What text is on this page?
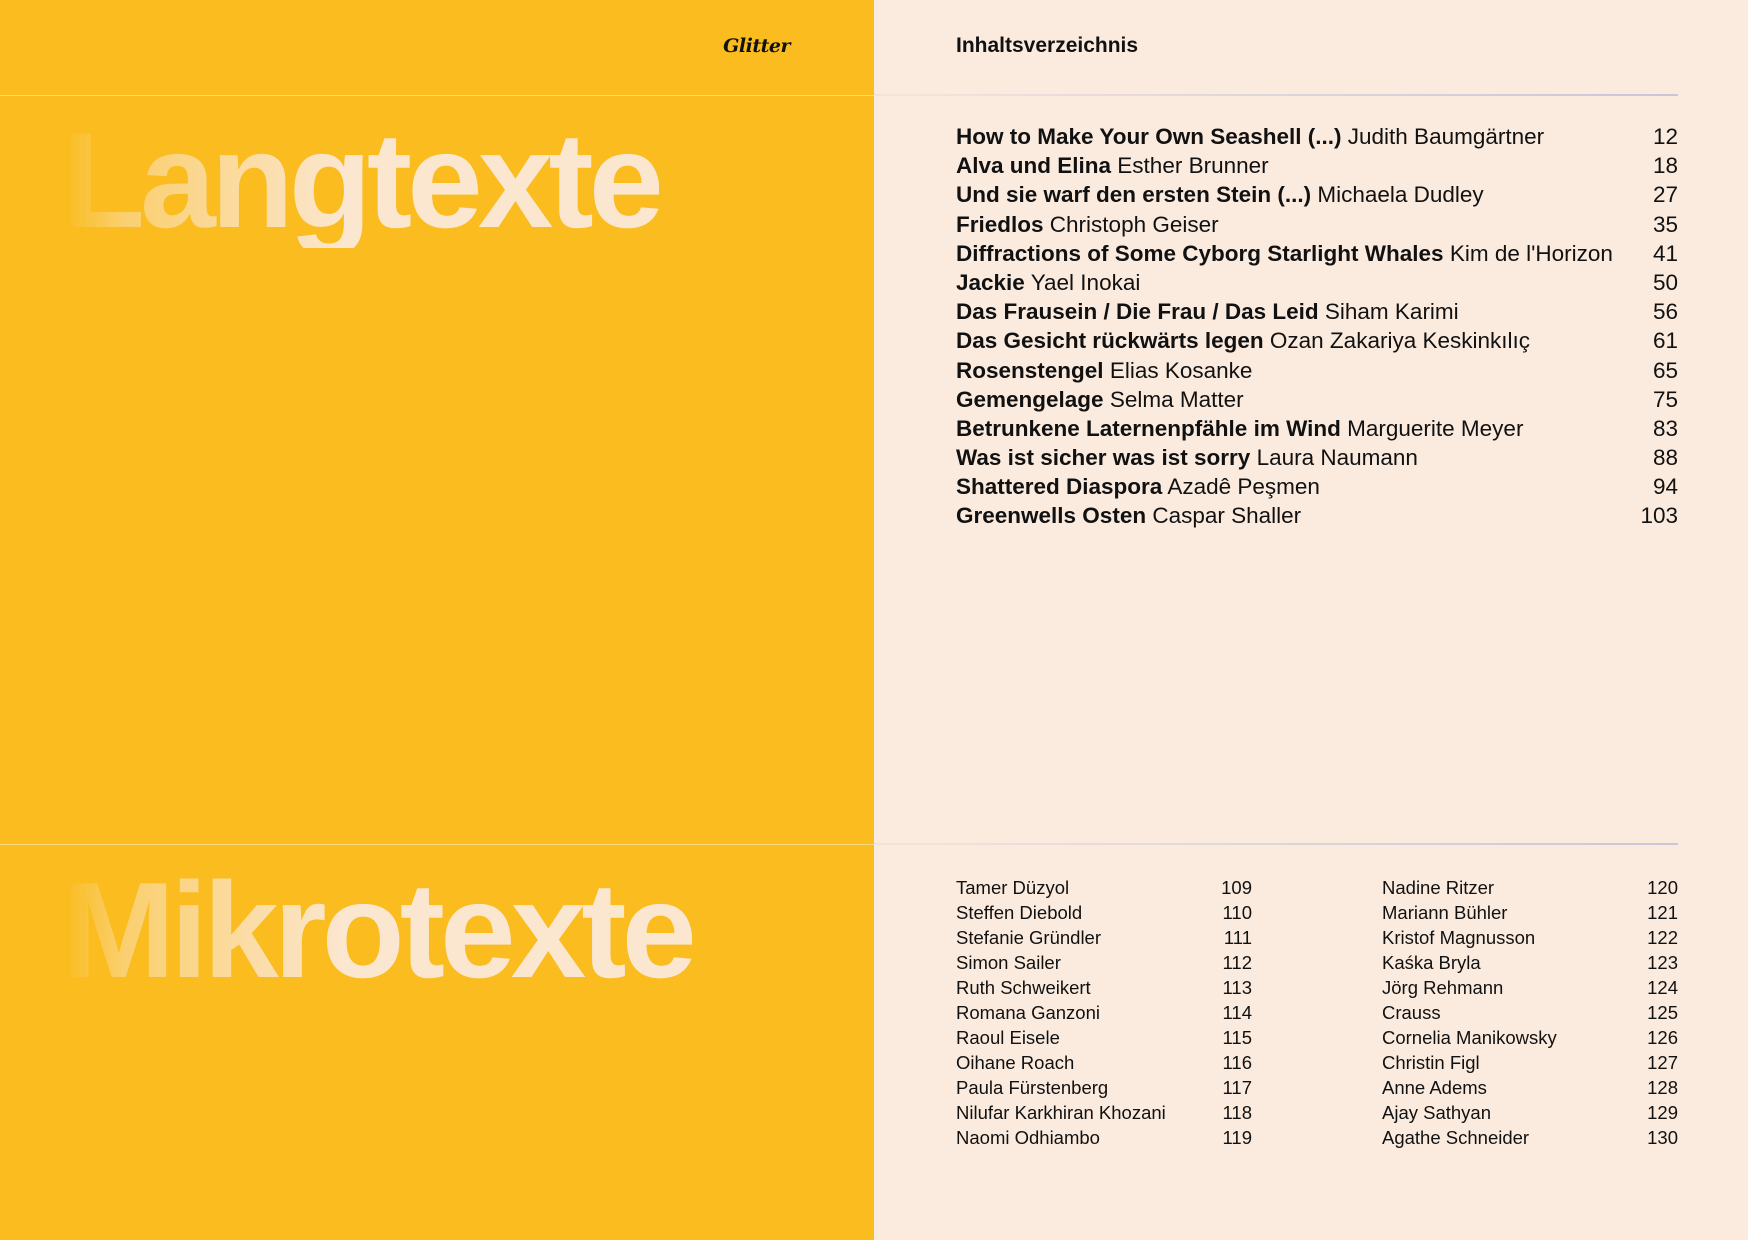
Glitter	Inhaltsverzeichnis
Langtexte
Mikrotexte
How to Make Your Own Seashell (...) Judith Baumgärtner	12
Alva und Elina Esther Brunner	18
Und sie warf den ersten Stein (...) Michaela Dudley	27
Friedlos Christoph Geiser	35
Diffractions of Some Cyborg Starlight Whales Kim de l'Horizon 41
Jackie Yael Inokai	50
Das Frausein / Die Frau / Das Leid Siham Karimi	56
Das Gesicht rückwärts legen Ozan Zakariya Keskinkılıç	61
Rosenstengel Elias Kosanke	65
Gemengelage Selma Matter	75
Betrunkene Laternenpfähle im Wind Marguerite Meyer	83
Was ist sicher was ist sorry Laura Naumann	88
Shattered Diaspora Azadê Peşmen	94
Greenwells Osten Caspar Shaller	103
Tamer Düzyol	109
Steffen Diebold	110
Stefanie Gründler	111
Simon Sailer	112
Ruth Schweikert	113
Romana Ganzoni	114
Raoul Eisele	115
Oihane Roach	116
Paula Fürstenberg	117
Nilufar Karkhiran Khozani	118
Naomi Odhiambo	119
Nadine Ritzer	120
Mariann Bühler	121
Kristof Magnusson	122
Kaśka Bryla	123
Jörg Rehmann	124
Crauss	125
Cornelia Manikowsky	126
Christin Figl	127
Anne Adems	128
Ajay Sathyan	129
Agathe Schneider	130
